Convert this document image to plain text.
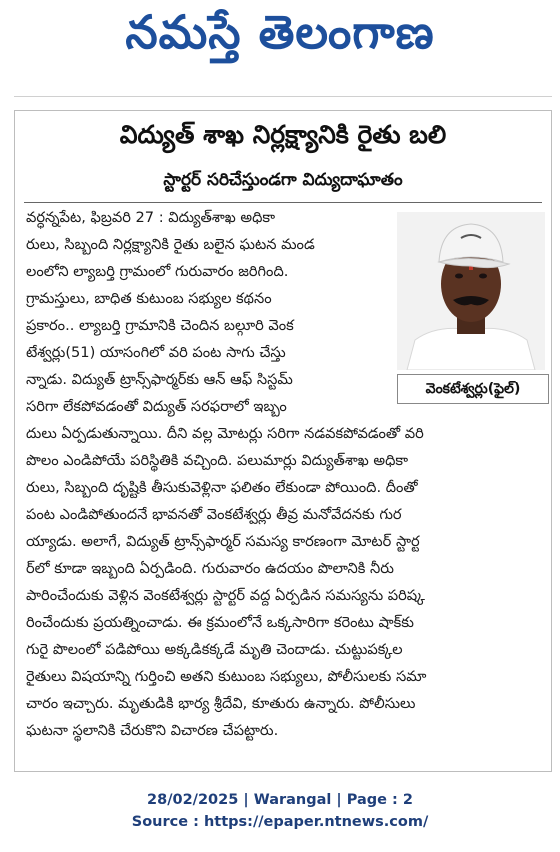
నమస్తే తెలంగాణ
విద్యుత్ శాఖ నిర్లక్ష్యానికి రైతు బలి
స్టార్టర్ సరిచేస్తుండగా విద్యుదాఘాతం
వెంకటేశ్వర్లు(ఫైల్)
వర్ధన్నపేట, ఫిబ్రవరి 27 : విద్యుత్‌శాఖ అధికా
రులు, సిబ్బంది నిర్లక్ష్యానికి రైతు బలైన ఘటన మండ
లంలోని ల్యాబర్తి గ్రామంలో గురువారం జరిగింది.
గ్రామస్తులు, బాధిత కుటుంబ సభ్యుల కథనం
ప్రకారం.. ల్యాబర్తి గ్రామానికి చెందిన బల్గూరి వెంక
టేశ్వర్లు(51) యాసంగిలో వరి పంట సాగు చేస్తు
న్నాడు. విద్యుత్ ట్రాన్స్‌ఫార్మర్‌కు ఆన్ ఆఫ్ సిస్టమ్
సరిగా లేకపోవడంతో విద్యుత్ సరఫరాలో ఇబ్బం
దులు ఏర్పడుతున్నాయి. దీని వల్ల మోటర్లు సరిగా నడవకపోవడంతో వరి
పొలం ఎండిపోయే పరిస్థితికి వచ్చింది. పలుమార్లు విద్యుత్‌శాఖ అధికా
రులు, సిబ్బంది దృష్టికి తీసుకువెళ్లినా ఫలితం లేకుండా పోయింది. దీంతో
పంట ఎండిపోతుందనే భావనతో వెంకటేశ్వర్లు తీవ్ర మనోవేదనకు గుర
య్యాడు. అలాగే, విద్యుత్ ట్రాన్స్‌ఫార్మర్ సమస్య కారణంగా మోటర్ స్టార్ట
ర్‌లో కూడా ఇబ్బంది ఏర్పడింది. గురువారం ఉదయం పొలానికి నీరు
పారించేందుకు వెళ్లిన వెంకటేశ్వర్లు స్టార్టర్ వద్ద ఏర్పడిన సమస్యను పరిష్క
రించేందుకు ప్రయత్నించాడు. ఈ క్రమంలోనే ఒక్కసారిగా కరెంటు షాక్‌కు
గురై పొలంలో పడిపోయి అక్కడికక్కడే మృతి చెందాడు. చుట్టుపక్కల
రైతులు విషయాన్ని గుర్తించి అతని కుటుంబ సభ్యులు, పోలీసులకు సమా
చారం ఇచ్చారు. మృతుడికి భార్య శ్రీదేవి, కూతురు ఉన్నారు. పోలీసులు
ఘటనా స్థలానికి చేరుకొని విచారణ చేపట్టారు.
28/02/2025 | Warangal | Page : 2
Source : https://epaper.ntnews.com/
